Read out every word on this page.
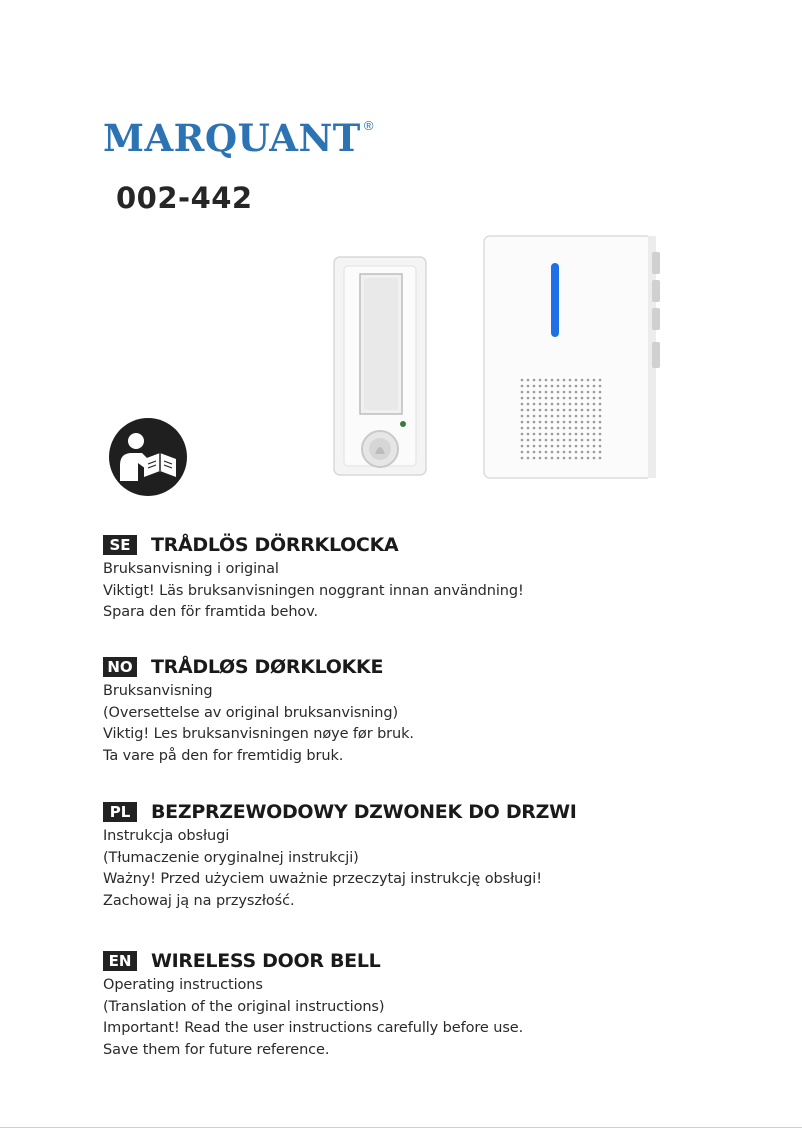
MARQUANT ®
002-442
SE	TRÅDLÖS DÖRRKLOCKA
Bruksanvisning i original
Viktigt! Läs bruksanvisningen noggrant innan användning!
Spara den för framtida behov.
NO TRÅDLØS DØRKLOKKE
Bruksanvisning
(Oversettelse av original bruksanvisning)
Viktig! Les bruksanvisningen nøye før bruk.
Ta vare på den for fremtidig bruk.
PL	BEZPRZEWODOWY DZWONEK DO DRZWI
Instrukcja obsługi
(Tłumaczenie oryginalnej instrukcji)
Ważny! Przed użyciem uważnie przeczytaj instrukcję obsługi!
Zachowaj ją na przyszłość.
EN WIRELESS DOOR BELL
Operating instructions
(Translation of the original instructions)
Important! Read the user instructions carefully before use.
Save them for future reference.
